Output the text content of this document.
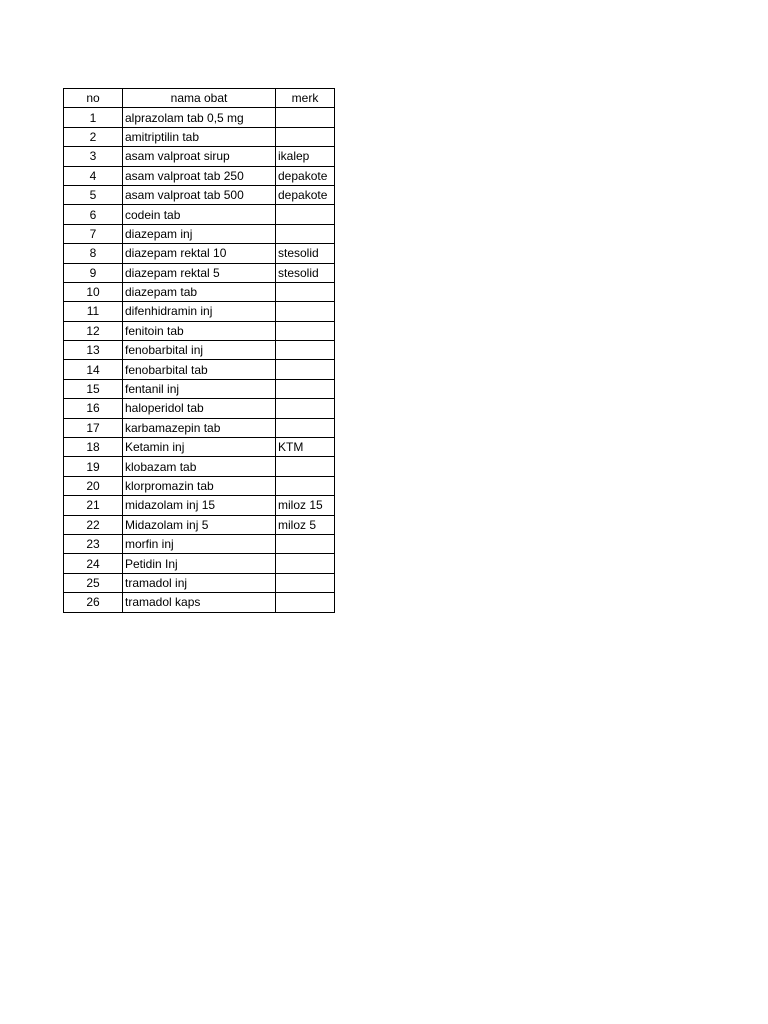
no	nama obat	merk
1	alprazolam tab 0,5 mg	
2	amitriptilin tab	
3	asam valproat sirup	ikalep
4	asam valproat tab 250	depakote
5	asam valproat tab 500	depakote
6	codein tab	
7	diazepam inj	
8	diazepam rektal 10	stesolid
9	diazepam rektal 5	stesolid
10	diazepam tab	
11	difenhidramin inj	
12	fenitoin tab	
13	fenobarbital inj	
14	fenobarbital tab	
15	fentanil inj	
16	haloperidol tab	
17	karbamazepin tab	
18	Ketamin inj	KTM
19	klobazam tab	
20	klorpromazin tab	
21	midazolam inj 15	miloz 15
22	Midazolam inj 5	miloz 5
23	morfin inj	
24	Petidin Inj	
25	tramadol inj	
26	tramadol kaps	
